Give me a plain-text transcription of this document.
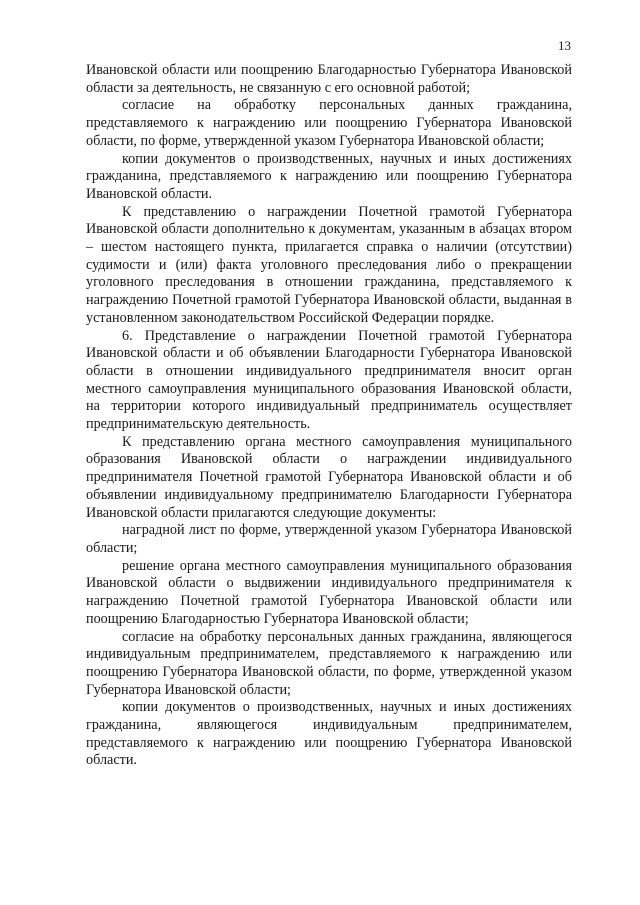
13

Ивановской области или поощрению Благодарностью Губернатора Ивановской области за деятельность, не связанную с его основной работой;

согласие на обработку персональных данных гражданина, представляемого к награждению или поощрению Губернатора Ивановской области, по форме, утвержденной указом Губернатора Ивановской области;

копии документов о производственных, научных и иных достижениях гражданина, представляемого к награждению или поощрению Губернатора Ивановской области.

К представлению о награждении Почетной грамотой Губернатора Ивановской области дополнительно к документам, указанным в абзацах втором – шестом настоящего пункта, прилагается справка о наличии (отсутствии) судимости и (или) факта уголовного преследования либо о прекращении уголовного преследования в отношении гражданина, представляемого к награждению Почетной грамотой Губернатора Ивановской области, выданная в установленном законодательством Российской Федерации порядке.

6. Представление о награждении Почетной грамотой Губернатора Ивановской области и об объявлении Благодарности Губернатора Ивановской области в отношении индивидуального предпринимателя вносит орган местного самоуправления муниципального образования Ивановской области, на территории которого индивидуальный предприниматель осуществляет предпринимательскую деятельность.

К представлению органа местного самоуправления муниципального образования Ивановской области о награждении индивидуального предпринимателя Почетной грамотой Губернатора Ивановской области и об объявлении индивидуальному предпринимателю Благодарности Губернатора Ивановской области прилагаются следующие документы:

наградной лист по форме, утвержденной указом Губернатора Ивановской области;

решение органа местного самоуправления муниципального образования Ивановской области о выдвижении индивидуального предпринимателя к награждению Почетной грамотой Губернатора Ивановской области или поощрению Благодарностью Губернатора Ивановской области;

согласие на обработку персональных данных гражданина, являющегося индивидуальным предпринимателем, представляемого к награждению или поощрению Губернатора Ивановской области, по форме, утвержденной указом Губернатора Ивановской области;

копии документов о производственных, научных и иных достижениях гражданина, являющегося индивидуальным предпринимателем, представляемого к награждению или поощрению Губернатора Ивановской области.
